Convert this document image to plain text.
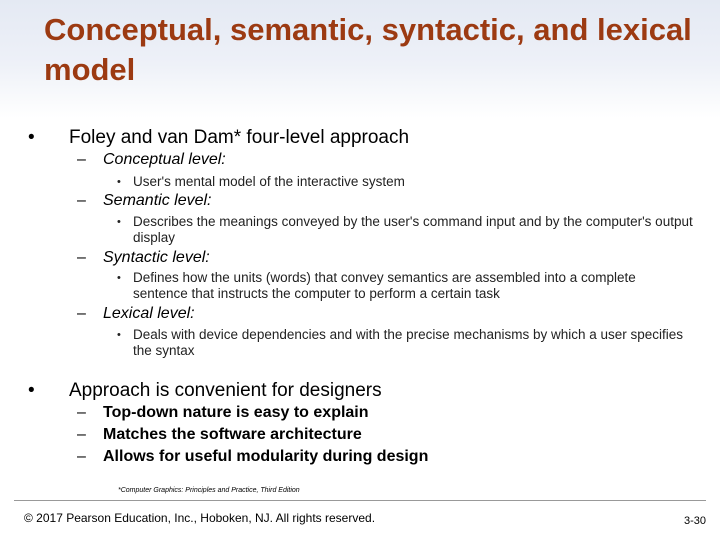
Conceptual, semantic, syntactic, and lexical model
• Foley and van Dam* four-level approach
– Conceptual level:
• User's mental model of the interactive system
– Semantic level:
• Describes the meanings conveyed by the user's command input and by the computer's output display
– Syntactic level:
• Defines how the units (words) that convey semantics are assembled into a complete sentence that instructs the computer to perform a certain task
– Lexical level:
• Deals with device dependencies and with the precise mechanisms by which a user specifies the syntax
• Approach is convenient for designers
– Top-down nature is easy to explain
– Matches the software architecture
– Allows for useful modularity during design
*Computer Graphics: Principles and Practice, Third Edition
© 2017 Pearson Education, Inc., Hoboken, NJ. All rights reserved.	3-30
